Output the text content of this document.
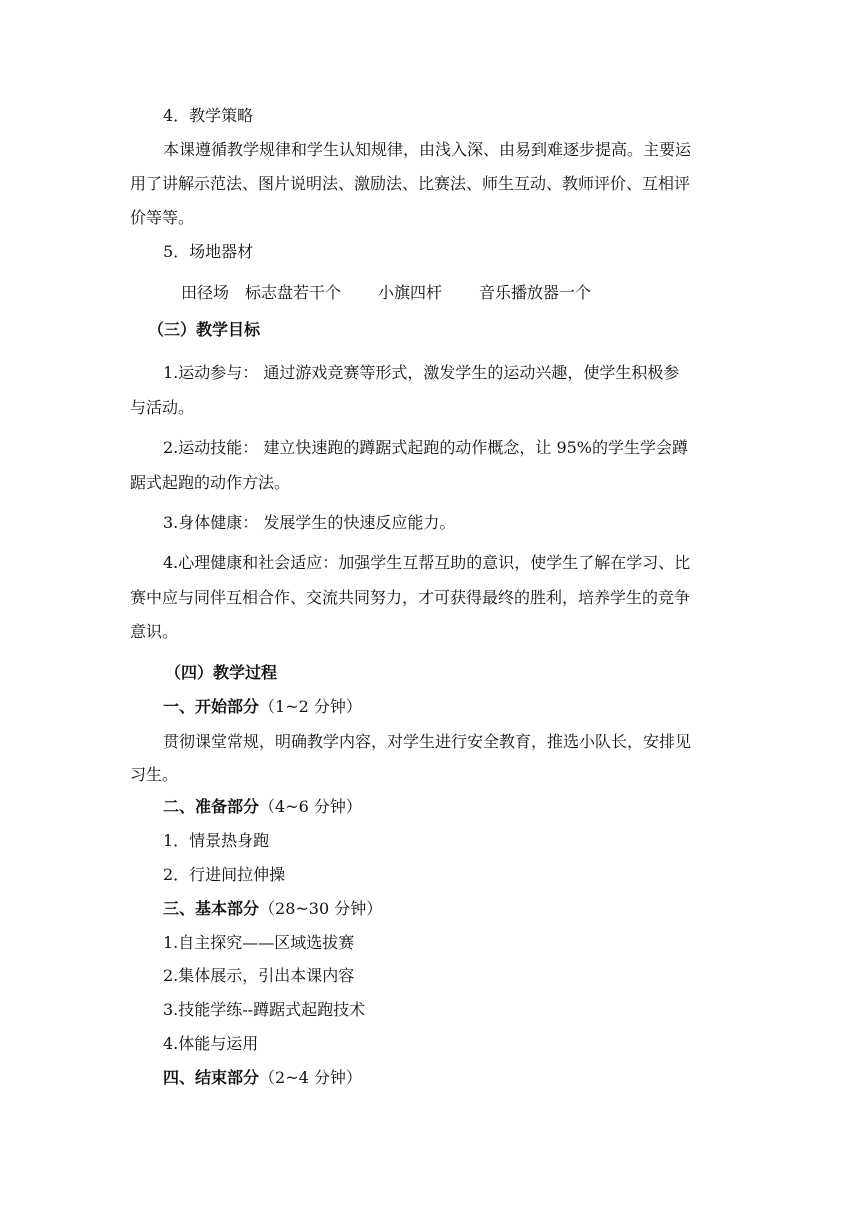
4．教学策略
本课遵循教学规律和学生认知规律，由浅入深、由易到难逐步提高。主要运
用了讲解示范法、图片说明法、激励法、比赛法、师生互动、教师评价、互相评
价等等。
5．场地器材
田径场 标志盘若干个 小旗四杆 音乐播放器一个
（三）教学目标
1.运动参与： 通过游戏竞赛等形式，激发学生的运动兴趣，使学生积极参
与活动。
2.运动技能： 建立快速跑的蹲踞式起跑的动作概念，让 95%的学生学会蹲
踞式起跑的动作方法。
3.身体健康： 发展学生的快速反应能力。
4.心理健康和社会适应：加强学生互帮互助的意识，使学生了解在学习、比
赛中应与同伴互相合作、交流共同努力，才可获得最终的胜利，培养学生的竞争
意识。
（四）教学过程
一、开始部分（1~2 分钟）
贯彻课堂常规，明确教学内容，对学生进行安全教育，推选小队长，安排见
习生。
二、准备部分（4~6 分钟）
1．情景热身跑
2．行进间拉伸操
三、基本部分（28~30 分钟）
1.自主探究——区域选拔赛
2.集体展示，引出本课内容
3.技能学练--蹲踞式起跑技术
4.体能与运用
四、结束部分（2~4 分钟）
